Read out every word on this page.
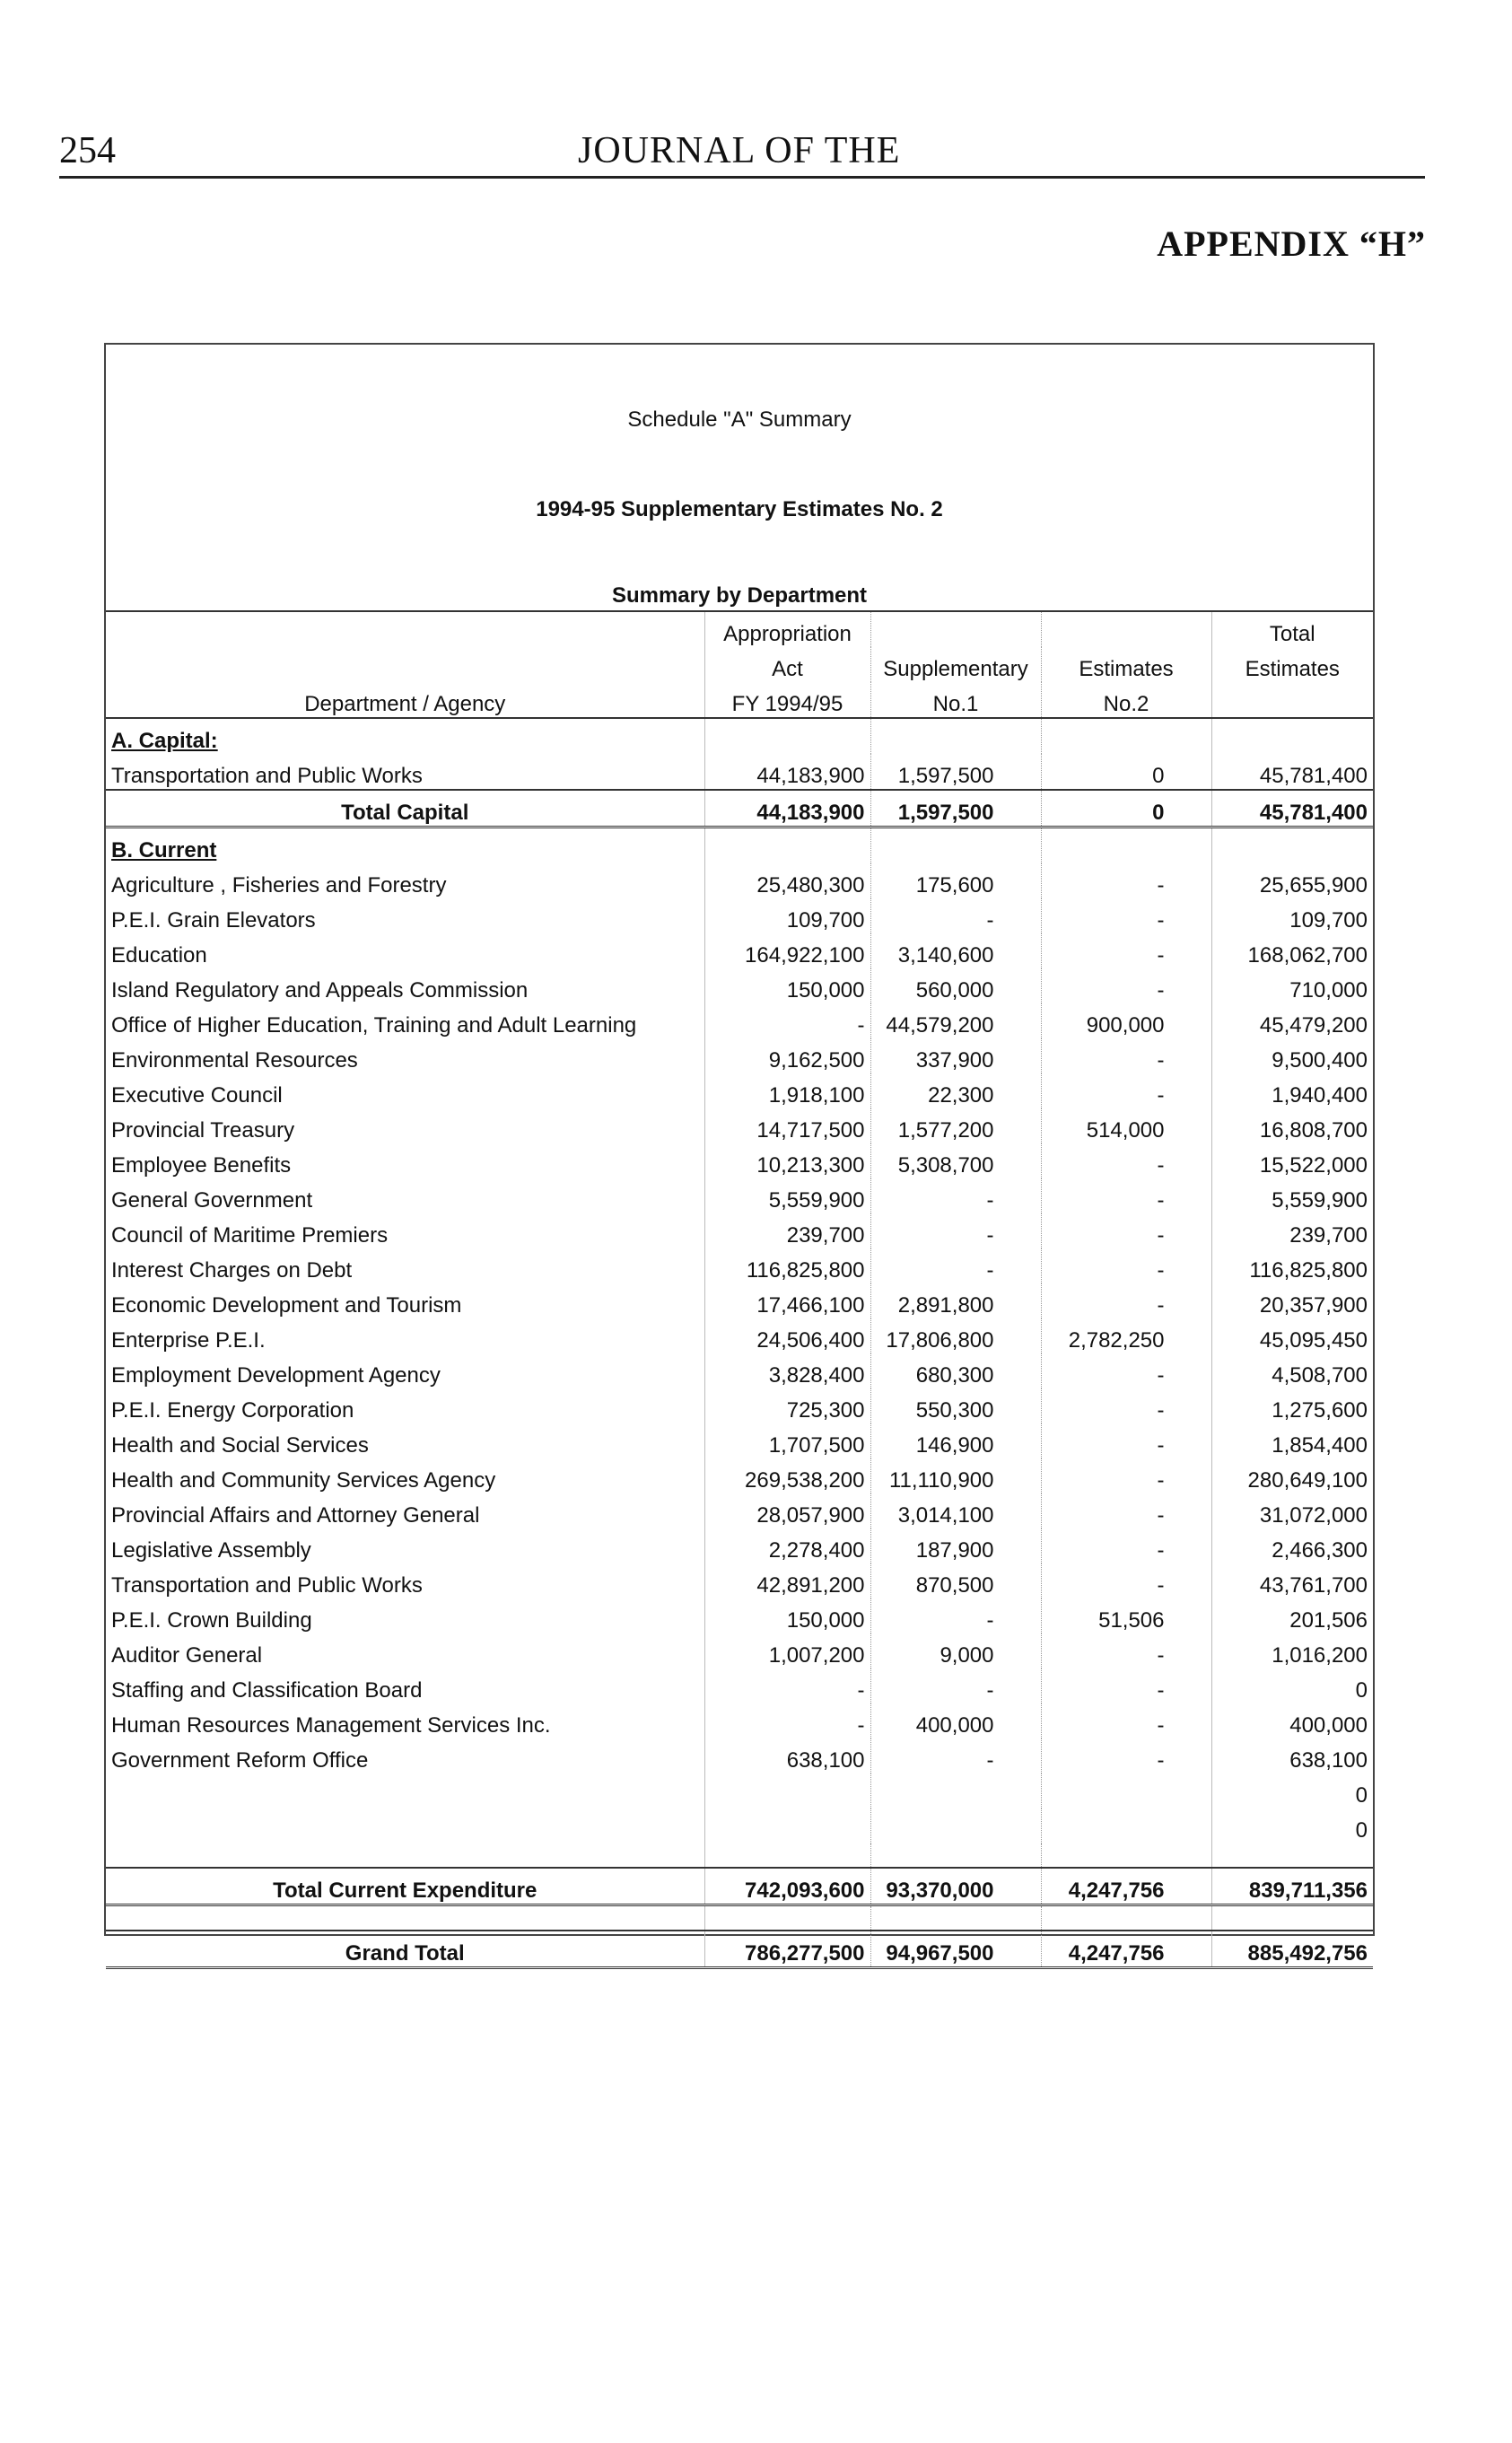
254	JOURNAL OF THE
APPENDIX “H”
Schedule "A" Summary
1994-95 Supplementary Estimates No. 2
Summary by Department
	Appropriation			Total
	Act	Supplementary	Estimates	Estimates
Department / Agency	FY 1994/95	No.1	No.2	
A. Capital:				
Transportation and Public Works	44,183,900	1,597,500	0	45,781,400
Total Capital	44,183,900	1,597,500	0	45,781,400
B. Current				
Agriculture , Fisheries and Forestry	25,480,300	175,600	-	25,655,900
P.E.I. Grain Elevators	109,700	-	-	109,700
Education	164,922,100	3,140,600	-	168,062,700
Island Regulatory and Appeals Commission	150,000	560,000	-	710,000
Office of Higher Education, Training and Adult Learning	-	44,579,200	900,000	45,479,200
Environmental Resources	9,162,500	337,900	-	9,500,400
Executive Council	1,918,100	22,300	-	1,940,400
Provincial Treasury	14,717,500	1,577,200	514,000	16,808,700
Employee Benefits	10,213,300	5,308,700	-	15,522,000
General Government	5,559,900	-	-	5,559,900
Council of Maritime Premiers	239,700	-	-	239,700
Interest Charges on Debt	116,825,800	-	-	116,825,800
Economic Development and Tourism	17,466,100	2,891,800	-	20,357,900
Enterprise P.E.I.	24,506,400	17,806,800	2,782,250	45,095,450
Employment Development Agency	3,828,400	680,300	-	4,508,700
P.E.I. Energy Corporation	725,300	550,300	-	1,275,600
Health and Social Services	1,707,500	146,900	-	1,854,400
Health and Community Services Agency	269,538,200	11,110,900	-	280,649,100
Provincial Affairs and Attorney General	28,057,900	3,014,100	-	31,072,000
Legislative Assembly	2,278,400	187,900	-	2,466,300
Transportation and Public Works	42,891,200	870,500	-	43,761,700
P.E.I. Crown Building	150,000	-	51,506	201,506
Auditor General	1,007,200	9,000	-	1,016,200
Staffing and Classification Board	-	-	-	0
Human Resources Management Services Inc.	-	400,000	-	400,000
Government Reform Office	638,100	-	-	638,100
				0
				0

Total Current Expenditure	742,093,600	93,370,000	4,247,756	839,711,356

Grand Total	786,277,500	94,967,500	4,247,756	885,492,756
